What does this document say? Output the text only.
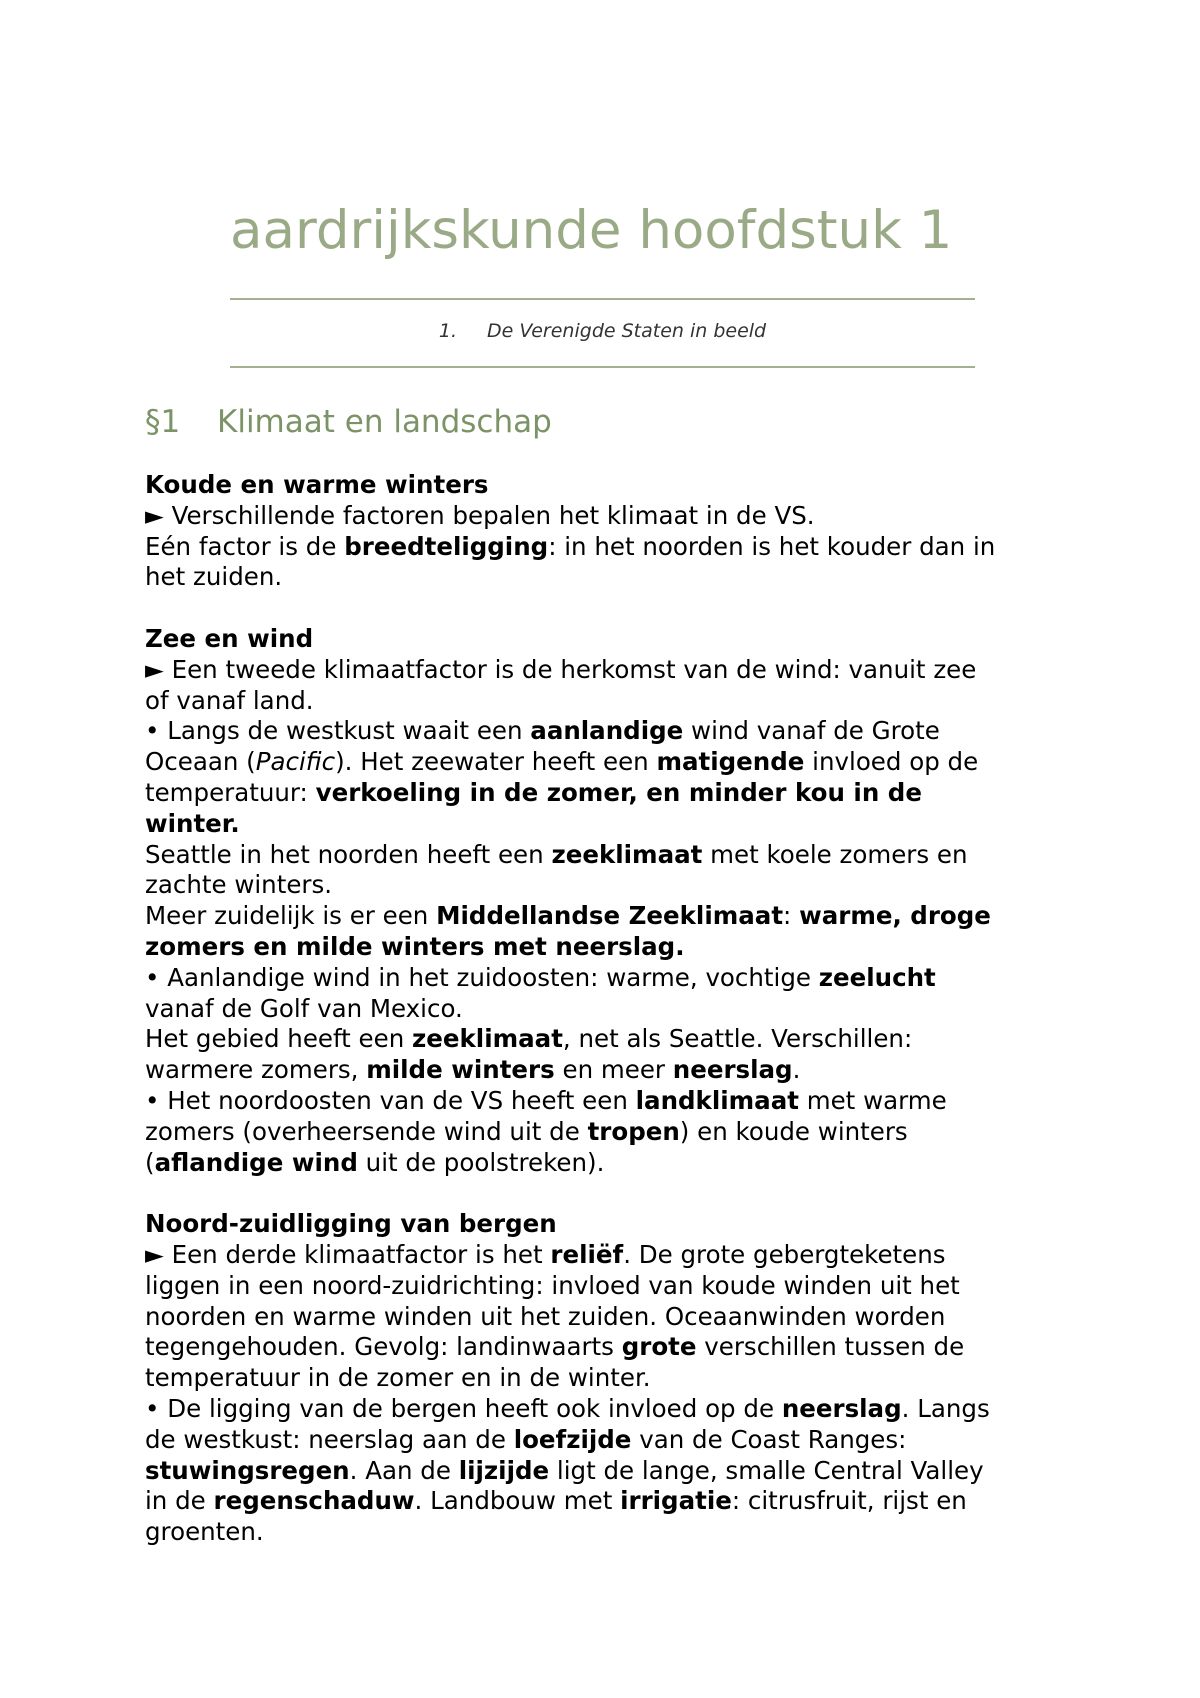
aardrijkskunde hoofdstuk 1
1. De Verenigde Staten in beeld
§1 Klimaat en landschap

Koude en warme winters

► Verschillende factoren bepalen het klimaat in de VS.

Eén factor is de breedteligging: in het noorden is het kouder dan in

het zuiden.

Zee en wind

► Een tweede klimaatfactor is de herkomst van de wind: vanuit zee

of vanaf land.

• Langs de westkust waait een aanlandige wind vanaf de Grote

Oceaan (Pacific). Het zeewater heeft een matigende invloed op de

temperatuur: verkoeling in de zomer, en minder kou in de

winter.

Seattle in het noorden heeft een zeeklimaat met koele zomers en

zachte winters.

Meer zuidelijk is er een Middellandse Zeeklimaat: warme, droge

zomers en milde winters met neerslag.

• Aanlandige wind in het zuidoosten: warme, vochtige zeelucht

vanaf de Golf van Mexico.

Het gebied heeft een zeeklimaat, net als Seattle. Verschillen:

warmere zomers, milde winters en meer neerslag.

• Het noordoosten van de VS heeft een landklimaat met warme

zomers (overheersende wind uit de tropen) en koude winters

(aflandige wind uit de poolstreken).

Noord-zuidligging van bergen

► Een derde klimaatfactor is het reliëf. De grote gebergteketens

liggen in een noord-zuidrichting: invloed van koude winden uit het

noorden en warme winden uit het zuiden. Oceaanwinden worden

tegengehouden. Gevolg: landinwaarts grote verschillen tussen de

temperatuur in de zomer en in de winter.

• De ligging van de bergen heeft ook invloed op de neerslag. Langs

de westkust: neerslag aan de loefzijde van de Coast Ranges:

stuwingsregen. Aan de lijzijde ligt de lange, smalle Central Valley

in de regenschaduw. Landbouw met irrigatie: citrusfruit, rijst en

groenten.
